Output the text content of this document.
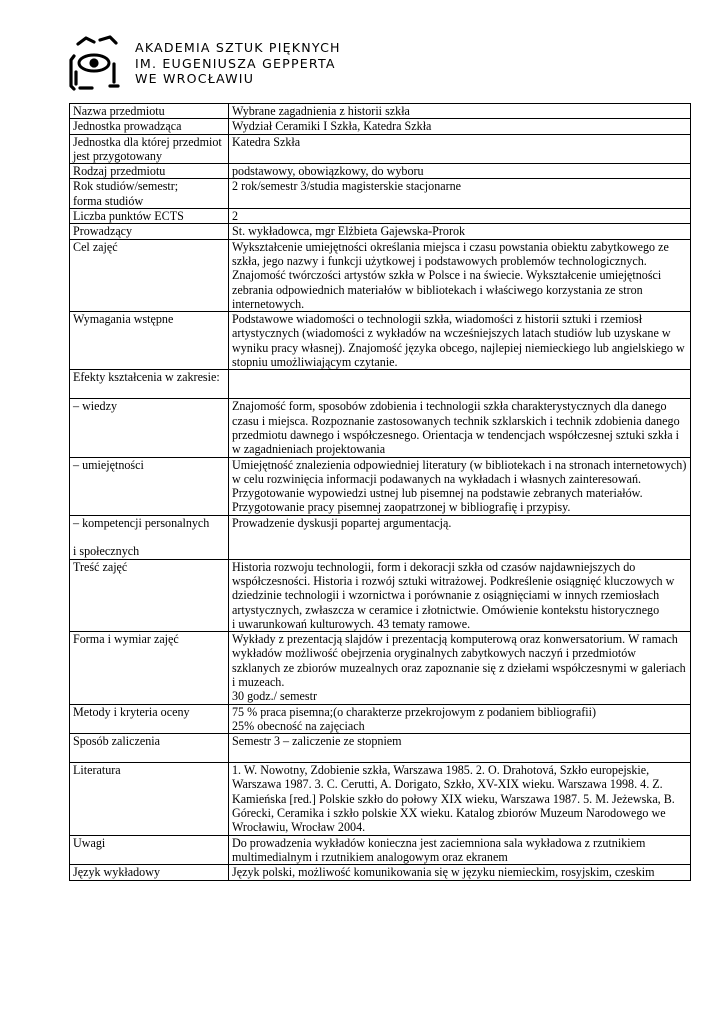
AKADEMIA SZTUK PIĘKNYCH
IM. EUGENIUSZA GEPPERTA
WE WROCŁAWIU
Nazwa przedmiotu	Wybrane zagadnienia z historii szkła
Jednostka prowadząca	Wydział Ceramiki I Szkła, Katedra Szkła
Jednostka dla której przedmiot jest przygotowany	Katedra Szkła
Rodzaj przedmiotu	podstawowy, obowiązkowy, do wyboru
Rok studiów/semestr;
forma studiów	2 rok/semestr 3/studia magisterskie stacjonarne
Liczba punktów ECTS	2
Prowadzący	St. wykładowca, mgr Elżbieta Gajewska-Prorok
Cel zajęć	Wykształcenie umiejętności określania miejsca i czasu powstania obiektu zabytkowego ze szkła, jego nazwy i funkcji użytkowej i podstawowych problemów technologicznych. Znajomość twórczości artystów szkła w Polsce i na świecie. Wykształcenie umiejętności zebrania odpowiednich materiałów w bibliotekach i właściwego korzystania ze stron internetowych.
Wymagania wstępne	Podstawowe wiadomości o technologii szkła, wiadomości z historii sztuki i rzemiosł artystycznych (wiadomości z wykładów na wcześniejszych latach studiów lub uzyskane w wyniku pracy własnej). Znajomość języka obcego, najlepiej niemieckiego lub angielskiego w stopniu umożliwiającym czytanie.
Efekty kształcenia w zakresie:	
– wiedzy	Znajomość form, sposobów zdobienia i technologii szkła charakterystycznych dla danego czasu i miejsca. Rozpoznanie zastosowanych technik szklarskich i technik zdobienia danego przedmiotu dawnego i współczesnego. Orientacja w tendencjach współczesnej sztuki szkła i w zagadnieniach projektowania
– umiejętności	Umiejętność znalezienia odpowiedniej literatury (w bibliotekach i na stronach internetowych) w celu rozwinięcia informacji podawanych na wykładach i własnych zainteresowań. Przygotowanie wypowiedzi ustnej lub pisemnej na podstawie zebranych materiałów. Przygotowanie pracy pisemnej zaopatrzonej w bibliografię i przypisy.
– kompetencji personalnych

i społecznych	Prowadzenie dyskusji popartej argumentacją.
Treść zajęć	Historia rozwoju technologii, form i dekoracji szkła od czasów najdawniejszych do współczesności. Historia i rozwój sztuki witrażowej. Podkreślenie osiągnięć kluczowych w dziedzinie technologii i wzornictwa i porównanie z osiągnięciami w innych rzemiosłach artystycznych, zwłaszcza w ceramice i złotnictwie. Omówienie kontekstu historycznego
i uwarunkowań kulturowych. 43 tematy ramowe.
Forma i wymiar zajęć	Wykłady z prezentacją slajdów i prezentacją komputerową oraz konwersatorium. W ramach wykładów możliwość obejrzenia oryginalnych zabytkowych naczyń i przedmiotów szklanych ze zbiorów muzealnych oraz zapoznanie się z dziełami współczesnymi w galeriach i muzeach.
30 godz./ semestr
Metody i kryteria oceny	75 % praca pisemna;(o charakterze przekrojowym z podaniem bibliografii)
25% obecność na zajęciach
Sposób zaliczenia	Semestr 3 – zaliczenie ze stopniem

Literatura	1. W. Nowotny, Zdobienie szkła, Warszawa 1985. 2. O. Drahotová, Szkło europejskie, Warszawa 1987. 3. C. Cerutti, A. Dorigato, Szkło, XV-XIX wieku. Warszawa 1998. 4. Z. Kamieńska [red.] Polskie szkło do połowy XIX wieku, Warszawa 1987. 5. M. Jeżewska, B. Górecki, Ceramika i szkło polskie XX wieku. Katalog zbiorów Muzeum Narodowego we Wrocławiu, Wrocław 2004.
Uwagi	Do prowadzenia wykładów konieczna jest zaciemniona sala wykładowa z rzutnikiem multimedialnym i rzutnikiem analogowym oraz ekranem
Język wykładowy	Język polski, możliwość komunikowania się w języku niemieckim, rosyjskim, czeskim
